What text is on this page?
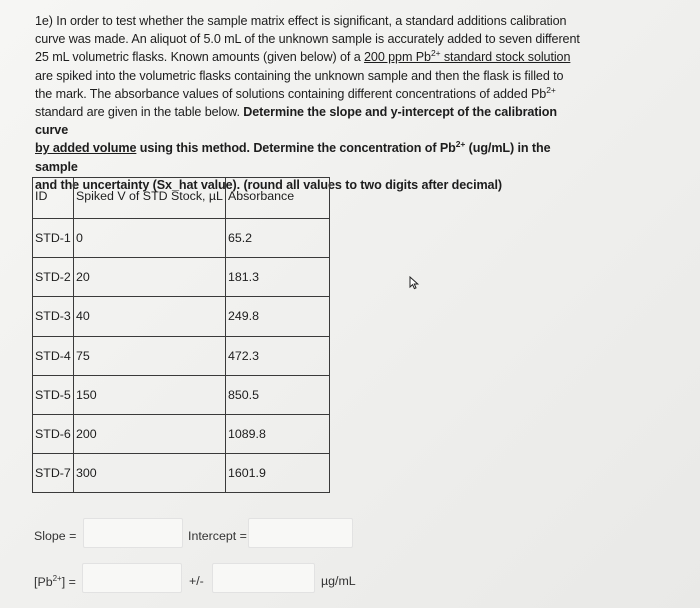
1e) In order to test whether the sample matrix effect is significant, a standard additions calibration
curve was made. An aliquot of 5.0 mL of the unknown sample is accurately added to seven different
25 mL volumetric flasks. Known amounts (given below) of a 200 ppm $Pb^{2+}$ standard stock solution
are spiked into the volumetric flasks containing the unknown sample and then the flask is filled to
the mark. The absorbance values of solutions containing different concentrations of added $Pb^{2+}$
standard are given in the table below. Determine the slope and y-intercept of the calibration curve
by added volume using this method. Determine the concentration of $Pb^{2+}$ (ug/mL) in the sample
and the uncertainty (Sx_hat value). (round all values to two digits after decimal)
ID	Spiked V of STD Stock, µL	Absorbance
STD-1	0	65.2
STD-2	20	181.3
STD-3	40	249.8
STD-4	75	472.3
STD-5	150	850.5
STD-6	200	1089.8
STD-7	300	1601.9
Slope =	Intercept =
$[Pb^{2+}]$ =	+/-	µg/mL
